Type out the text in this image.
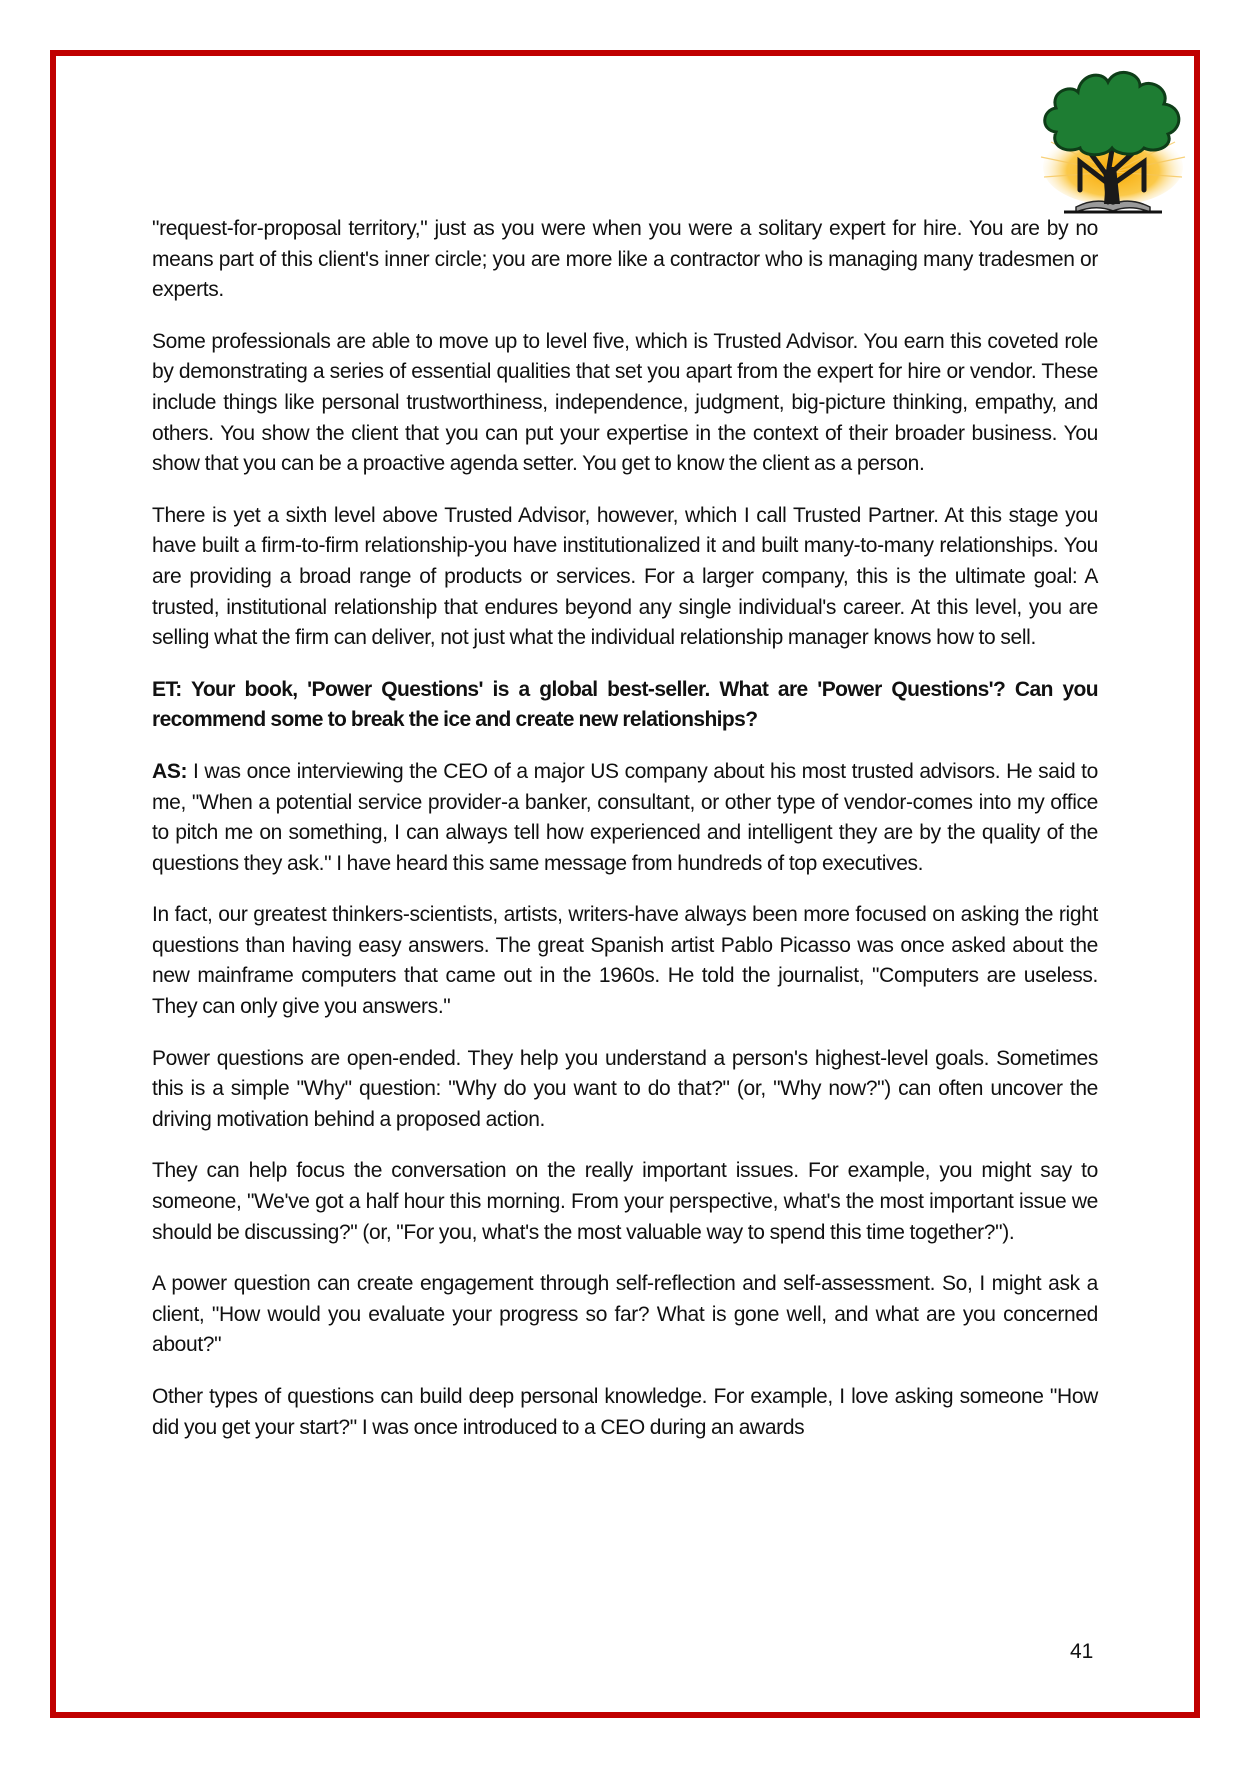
"request-for-proposal territory," just as you were when you were a solitary expert for hire. You are by no means part of this client's inner circle; you are more like a contractor who is managing many tradesmen or experts.

Some professionals are able to move up to level five, which is Trusted Advisor. You earn this coveted role by demonstrating a series of essential qualities that set you apart from the expert for hire or vendor. These include things like personal trustworthiness, independence, judgment, big-picture thinking, empathy, and others. You show the client that you can put your expertise in the context of their broader business. You show that you can be a proactive agenda setter. You get to know the client as a person.

There is yet a sixth level above Trusted Advisor, however, which I call Trusted Partner. At this stage you have built a firm-to-firm relationship-you have institutionalized it and built many-to-many relationships. You are providing a broad range of products or services. For a larger company, this is the ultimate goal: A trusted, institutional relationship that endures beyond any single individual's career. At this level, you are selling what the firm can deliver, not just what the individual relationship manager knows how to sell.

ET: Your book, 'Power Questions' is a global best-seller. What are 'Power Questions'? Can you recommend some to break the ice and create new relationships?

AS: I was once interviewing the CEO of a major US company about his most trusted advisors. He said to me, "When a potential service provider-a banker, consultant, or other type of vendor-comes into my office to pitch me on something, I can always tell how experienced and intelligent they are by the quality of the questions they ask." I have heard this same message from hundreds of top executives.

In fact, our greatest thinkers-scientists, artists, writers-have always been more focused on asking the right questions than having easy answers. The great Spanish artist Pablo Picasso was once asked about the new mainframe computers that came out in the 1960s. He told the journalist, "Computers are useless. They can only give you answers."

Power questions are open-ended. They help you understand a person's highest-level goals. Sometimes this is a simple "Why" question: "Why do you want to do that?" (or, "Why now?") can often uncover the driving motivation behind a proposed action.

They can help focus the conversation on the really important issues. For example, you might say to someone, "We've got a half hour this morning. From your perspective, what's the most important issue we should be discussing?" (or, "For you, what's the most valuable way to spend this time together?").

A power question can create engagement through self-reflection and self-assessment. So, I might ask a client, "How would you evaluate your progress so far? What is gone well, and what are you concerned about?"

Other types of questions can build deep personal knowledge. For example, I love asking someone "How did you get your start?" I was once introduced to a CEO during an awards

41
